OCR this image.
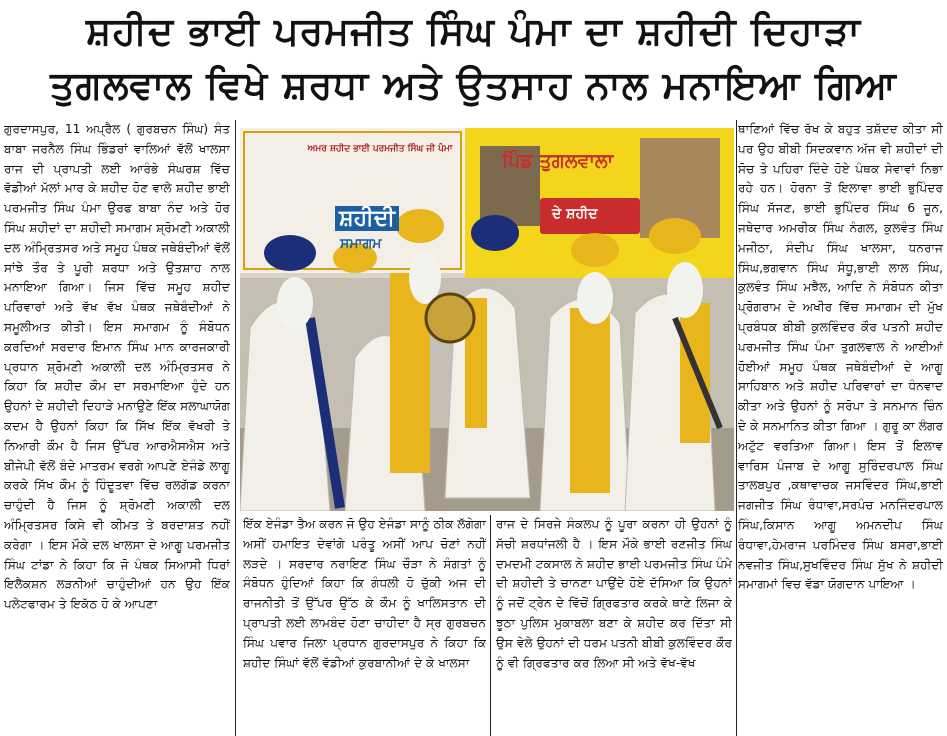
ਸ਼ਹੀਦ ਭਾਈ ਪਰਮਜੀਤ ਸਿੰਘ ਪੰਮਾ ਦਾ ਸ਼ਹੀਦੀ ਦਿਹਾੜਾ
ਤੁਗਲਵਾਲ ਵਿਖੇ ਸ਼ਰਧਾ ਅਤੇ ਉਤਸਾਹ ਨਾਲ ਮਨਾਇਆ ਗਿਆ

ਗੁਰਦਾਸਪੁਰ, 11 ਅਪ੍ਰੈਲ ( ਗੁਰਬਚਨ ਸਿੰਘ) ਸੰਤ ਬਾਬਾ ਜਰਨੈਲ ਸਿੰਘ ਭਿੰਡਰਾਂ ਵਾਲਿਆਂ ਵੱਲੋਂ ਖਾਲਸਾ ਰਾਜ ਦੀ ਪ੍ਰਾਪਤੀ ਲਈ ਆਰੰਭੇ ਸੰਘਰਸ਼ ਵਿੱਚ ਵੱਡੀਆਂ ਮੱਲਾਂ ਮਾਰ ਕੇ ਸ਼ਹੀਦ ਹੋਣ ਵਾਲੇ ਸ਼ਹੀਦ ਭਾਈ ਪਰਮਜੀਤ ਸਿੰਘ ਪੰਮਾ ਉਰਫ ਬਾਬਾ ਨੰਦ ਅਤੇ ਹੋਰ ਸਿੰਘ ਸ਼ਹੀਦਾਂ ਦਾ ਸ਼ਹੀਦੀ ਸਮਾਗਮ ਸ਼੍ਰੋਮਣੀ ਅਕਾਲੀ ਦਲ ਅੰਮ੍ਰਿਤਸਰ ਅਤੇ ਸਮੂਹ ਪੰਥਕ ਜਥੇਬੰਦੀਆਂ ਵੱਲੋਂ ਸਾਂਝੇ ਤੌਰ ਤੇ ਪੂਰੀ ਸ਼ਰਧਾ ਅਤੇ ਉਤਸ਼ਾਹ ਨਾਲ ਮਨਾਇਆ ਗਿਆ। ਜਿਸ ਵਿੱਚ ਸਮੂਹ ਸ਼ਹੀਦ ਪਰਿਵਾਰਾਂ ਅਤੇ ਵੱਖ ਵੱਖ ਪੰਥਕ ਜਥੇਬੰਦੀਆਂ ਨੇ ਸਮੂਲੀਅਤ ਕੀਤੀ। ਇਸ ਸਮਾਗਮ ਨੂੰ ਸੰਬੋਧਨ ਕਰਦਿਆਂ ਸਰਦਾਰ ਇਮਾਨ ਸਿੰਘ ਮਾਨ ਕਾਰਜਕਾਰੀ ਪ੍ਰਧਾਨ ਸ਼੍ਰੋਮਣੀ ਅਕਾਲੀ ਦਲ ਅੰਮ੍ਰਿਤਸਰ ਨੇ ਕਿਹਾ ਕਿ ਸ਼ਹੀਦ ਕੌਮ ਦਾ ਸਰਮਾਇਆ ਹੁੰਦੇ ਹਨ ਉਹਨਾਂ ਦੇ ਸ਼ਹੀਦੀ ਦਿਹਾੜੇ ਮਨਾਉਣੇ ਇੱਕ ਸਲਾਘਾਯੋਗ ਕਦਮ ਹੈ ਉਹਨਾਂ ਕਿਹਾ ਕਿ ਸਿੱਖ ਇੱਕ ਵੱਖਰੀ ਤੇ ਨਿਆਰੀ ਕੌਮ ਹੈ ਜਿਸ ਉੱਪਰ ਆਰਐਸਐਸ ਅਤੇ ਬੀਜੇਪੀ ਵੱਲੋਂ ਬੰਦੇ ਮਾਤਰਮ ਵਰਗੇ ਆਪਣੇ ਏਜੰਡੇ ਲਾਗੂ ਕਰਕੇ ਸਿੱਖ ਕੌਮ ਨੂੰ ਹਿੰਦੂਤਵਾ ਵਿੱਚ ਰਲਗੱਡ ਕਰਨਾ ਚਾਹੁੰਦੀ ਹੈ ਜਿਸ ਨੂੰ ਸ਼੍ਰੋਮਣੀ ਅਕਾਲੀ ਦਲ ਅੰਮ੍ਰਿਤਸਰ ਕਿਸੇ ਵੀ ਕੀਮਤ ਤੇ ਬਰਦਾਸ਼ਤ ਨਹੀਂ ਕਰੇਗਾ । ਇਸ ਮੌਕੇ ਦਲ ਖਾਲਸਾ ਦੇ ਆਗੂ ਪਰਮਜੀਤ ਸਿੰਘ ਟਾਂਡਾ ਨੇ ਕਿਹਾ ਕਿ ਜੋ ਪੰਥਕ ਸਿਆਸੀ ਧਿਰਾਂ ਇਲੈਕਸ਼ਨ ਲੜਨੀਆਂ ਚਾਹੁੰਦੀਆਂ ਹਨ ਉਹ ਇੱਕ ਪਲੇਟਫਾਰਮ ਤੇ ਇਕੱਠ ਹੋ ਕੇ ਆਪਣਾ

ਅਮਰ ਸ਼ਹੀਦ ਭਾਈ ਪਰਮਜੀਤ ਸਿੰਘ ਜੀ ਪੰਮਾ
ਸ਼ਹੀਦੀ
ਸਮਾਗਮ
ਪਿੰਡ ਤੁਗਲਵਾਲਾ
ਦੇ ਸ਼ਹੀਦ

ਇੱਕ ਏਜੰਡਾ ਤੈਅ ਕਰਨ ਜੋ ਉਹ ਏਜੰਡਾ ਸਾਨੂੰ ਠੀਕ ਲੱਗੇਗਾ ਅਸੀਂ ਹਮਾਇਤ ਦੇਵਾਂਗੇ ਪਰੰਤੂ ਅਸੀਂ ਆਪ ਚੋਣਾਂ ਨਹੀਂ ਲੜਦੇ । ਸਰਦਾਰ ਨਰਾਇਣ ਸਿੰਘ ਚੌੜਾ ਨੇ ਸੰਗਤਾਂ ਨੂੰ ਸੰਬੋਧਨ ਹੁੰਦਿਆਂ ਕਿਹਾ ਕਿ ਗੰਧਲੀ ਹੋ ਚੁੱਕੀ ਅਜ ਦੀ ਰਾਜਨੀਤੀ ਤੋਂ ਉੱਪਰ ਉੱਠ ਕੇ ਕੌਮ ਨੂੰ ਖਾਲਿਸਤਾਨ ਦੀ ਪ੍ਰਾਪਤੀ ਲਈ ਲਾਮਬੰਦ ਹੋਣਾ ਚਾਹੀਦਾ ਹੈ ਸ੍ਰ ਗੁਰਬਚਨ ਸਿੰਘ ਪਵਾਰ ਜਿਲਾ ਪ੍ਰਧਾਨ ਗੁਰਦਾਸਪੁਰ ਨੇ ਕਿਹਾ ਕਿ ਸ਼ਹੀਦ ਸਿੰਘਾਂ ਵੱਲੋਂ ਵੱਡੀਆਂ ਕੁਰਬਾਨੀਆਂ ਦੇ ਕੇ ਖਾਲਸਾ

ਰਾਜ ਦੇ ਸਿਰਜੇ ਸੰਕਲਪ ਨੂੰ ਪੂਰਾ ਕਰਨਾ ਹੀ ਉਹਨਾਂ ਨੂੰ ਸੱਚੀ ਸ਼ਰਧਾਂਜਲੀ ਹੈ । ਇਸ ਮੌਕੇ ਭਾਈ ਰਣਜੀਤ ਸਿੰਘ ਦਮਦਮੀ ਟਕਸਾਲ ਨੇ ਸ਼ਹੀਦ ਭਾਈ ਪਰਮਜੀਤ ਸਿੰਘ ਪੰਮੇ ਦੀ ਸ਼ਹੀਦੀ ਤੇ ਚਾਨਣਾ ਪਾਉਂਦੇ ਹੋਏ ਦੱਸਿਆ ਕਿ ਉਹਨਾਂ ਨੂੰ ਜਦੋਂ ਟ੍ਰੇਨ ਦੇ ਵਿੱਚੋਂ ਗ੍ਰਿਫਤਾਰ ਕਰਕੇ ਥਾਣੇ ਲਿਜਾ ਕੇ ਝੂਠਾ ਪੁਲਿਸ ਮੁਕਾਬਲਾ ਬਣਾ ਕੇ ਸ਼ਹੀਦ ਕਰ ਦਿੱਤਾ ਸੀ ਉਸ ਵੇਲੇ ਉਹਨਾਂ ਦੀ ਧਰਮ ਪਤਨੀ ਬੀਬੀ ਕੁਲਵਿੰਦਰ ਕੌਰ ਨੂੰ ਵੀ ਗ੍ਰਿਫਤਾਰ ਕਰ ਲਿਆ ਸੀ ਅਤੇ ਵੱਖ-ਵੱਖ

ਥਾਣਿਆਂ ਵਿੱਚ ਰੱਖ ਕੇ ਬਹੁਤ ਤਸ਼ੱਦਦ ਕੀਤਾ ਸੀ ਪਰ ਉਹ ਬੀਬੀ ਸਿਦਕਵਾਨ ਅੱਜ ਵੀ ਸ਼ਹੀਦਾਂ ਦੀ ਸੋਚ ਤੇ ਪਹਿਰਾ ਦਿੰਦੇ ਹੋਏ ਪੰਥਕ ਸੇਵਾਵਾਂ ਨਿਭਾ ਰਹੇ ਹਨ। ਹੋਰਨਾ ਤੋਂ ਇਲਾਵਾ ਭਾਈ ਭੁਪਿੰਦਰ ਸਿੰਘ ਸੱਜਣ, ਭਾਈ ਭੁਪਿੰਦਰ ਸਿੰਘ 6 ਜੂਨ, ਜਥੇਦਾਰ ਅਮਰੀਕ ਸਿੰਘ ਨੰਗਲ, ਕੁਲਵੰਤ ਸਿੰਘ ਮਜੀਠਾ, ਸੰਦੀਪ ਸਿੰਘ ਖਾਲਸਾ, ਧਨਰਾਜ ਸਿੰਘ,ਭਗਵਾਨ ਸਿੰਘ ਸੰਧੂ,ਭਾਈ ਲਾਲ ਸਿੰਘ, ਕੁਲਵੰਤ ਸਿੰਘ ਮਝੈਲ, ਆਦਿ ਨੇ ਸੰਬੋਧਨ ਕੀਤਾ ਪ੍ਰੋਗਰਾਮ ਦੇ ਅਖੀਰ ਵਿੱਚ ਸਮਾਗਮ ਦੀ ਮੁੱਖ ਪ੍ਰਬੰਧਕ ਬੀਬੀ ਕੁਲਵਿੰਦਰ ਕੌਰ ਪਤਨੀ ਸ਼ਹੀਦ ਪਰਮਜੀਤ ਸਿੰਘ ਪੰਮਾ ਤੁਗਲਵਾਲ ਨੇ ਆਈਆਂ ਹੋਈਆਂ ਸਮੂਹ ਪੰਥਕ ਜਥੇਬੰਦੀਆਂ ਦੇ ਆਗੂ ਸਾਹਿਬਾਨ ਅਤੇ ਸ਼ਹੀਦ ਪਰਿਵਾਰਾਂ ਦਾ ਧੰਨਵਾਦ ਕੀਤਾ ਅਤੇ ਉਹਨਾਂ ਨੂੰ ਸਰੋਪਾ ਤੇ ਸਨਮਾਨ ਚਿੰਨ ਦੇ ਕੇ ਸਨਮਾਨਿਤ ਕੀਤਾ ਗਿਆ । ਗੁਰੂ ਕਾ ਲੰਗਰ ਅਟੁੱਟ ਵਰਤਿਆ ਗਿਆ। ਇਸ ਤੋਂ ਇਲਾਵ ਵਾਰਿਸ ਪੰਜਾਬ ਦੇ ਆਗੂ ਸੁਰਿੰਦਰਪਾਲ ਸਿੰਘ ਤਾਲਬਪੁਰ ,ਕਥਾਵਾਚਕ ਜਸਵਿੰਦਰ ਸਿੰਘ,ਭਾਈ ਜਗਜੀਤ ਸਿੰਘ ਰੰਧਾਵਾ,ਸਰਪੰਚ ਮਨਜਿੰਦਰਪਾਲ ਸਿੰਘ,ਕਿਸਾਨ ਆਗੂ ਅਮਨਦੀਪ ਸਿੰਘ ਰੰਧਾਵਾ,ਹੇਮਰਾਜ ਪਰਮਿੰਦਰ ਸਿੰਘ ਬਸਰਾ,ਭਾਈ ਨਵਜੀਤ ਸਿੰਘ,ਸੁਖਵਿੰਦਰ ਸਿੰਘ ਸੁੱਖ ਨੇ ਸ਼ਹੀਦੀ ਸਮਾਗਮਾਂ ਵਿਚ ਵੱਡਾ ਯੋਗਦਾਨ ਪਾਇਆ ।
